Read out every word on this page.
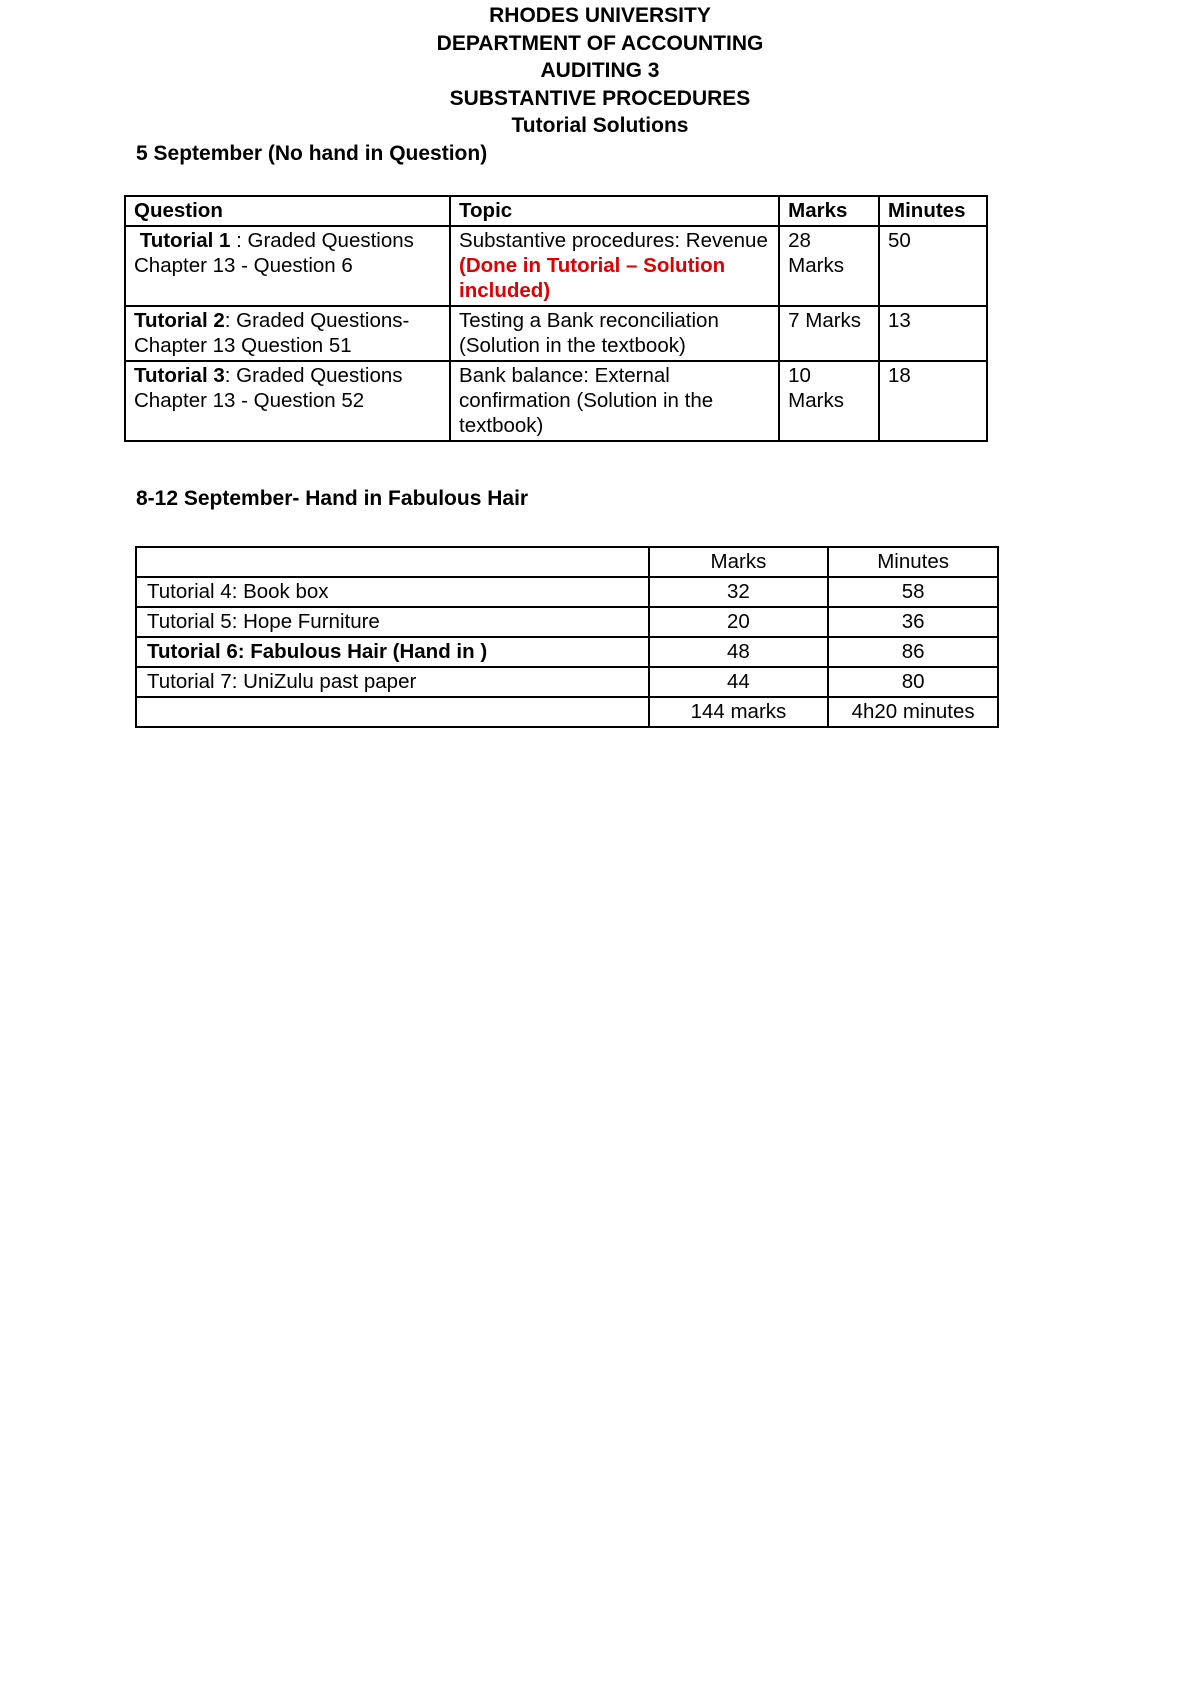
RHODES UNIVERSITY
DEPARTMENT OF ACCOUNTING
AUDITING 3
SUBSTANTIVE PROCEDURES
Tutorial Solutions
5 September (No hand in Question)
Question	Topic	Marks	Minutes
Tutorial 1 : Graded Questions Chapter 13 - Question 6	Substantive procedures: Revenue (Done in Tutorial – Solution included)	28 Marks	50
Tutorial 2: Graded Questions-Chapter 13 Question 51	Testing a Bank reconciliation (Solution in the textbook)	7 Marks	13
Tutorial 3: Graded Questions Chapter 13 - Question 52	Bank balance: External confirmation (Solution in the textbook)	10 Marks	18
8-12 September- Hand in Fabulous Hair
	Marks	Minutes
Tutorial 4: Book box	32	58
Tutorial 5: Hope Furniture	20	36
Tutorial 6: Fabulous Hair (Hand in )	48	86
Tutorial 7: UniZulu past paper	44	80
	144 marks	4h20 minutes
